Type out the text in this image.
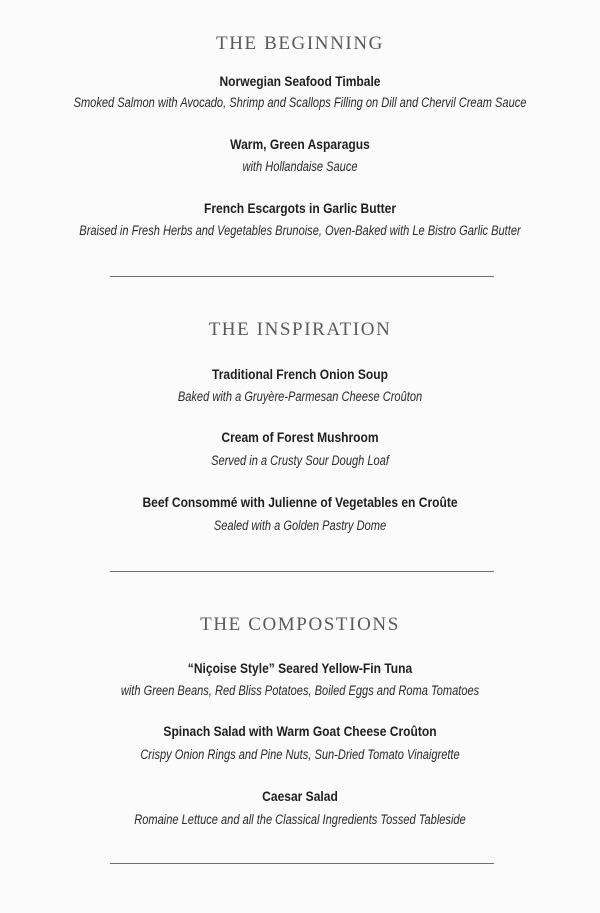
THE BEGINNING
Norwegian Seafood Timbale
Smoked Salmon with Avocado, Shrimp and Scallops Filling on Dill and Chervil Cream Sauce
Warm, Green Asparagus
with Hollandaise Sauce
French Escargots in Garlic Butter
Braised in Fresh Herbs and Vegetables Brunoise, Oven-Baked with Le Bistro Garlic Butter
THE INSPIRATION
Traditional French Onion Soup
Baked with a Gruyère-Parmesan Cheese Croûton
Cream of Forest Mushroom
Served in a Crusty Sour Dough Loaf
Beef Consommé with Julienne of Vegetables en Croûte
Sealed with a Golden Pastry Dome
THE COMPOSTIONS
“Niçoise Style” Seared Yellow-Fin Tuna
with Green Beans, Red Bliss Potatoes, Boiled Eggs and Roma Tomatoes
Spinach Salad with Warm Goat Cheese Croûton
Crispy Onion Rings and Pine Nuts, Sun-Dried Tomato Vinaigrette
Caesar Salad
Romaine Lettuce and all the Classical Ingredients Tossed Tableside
